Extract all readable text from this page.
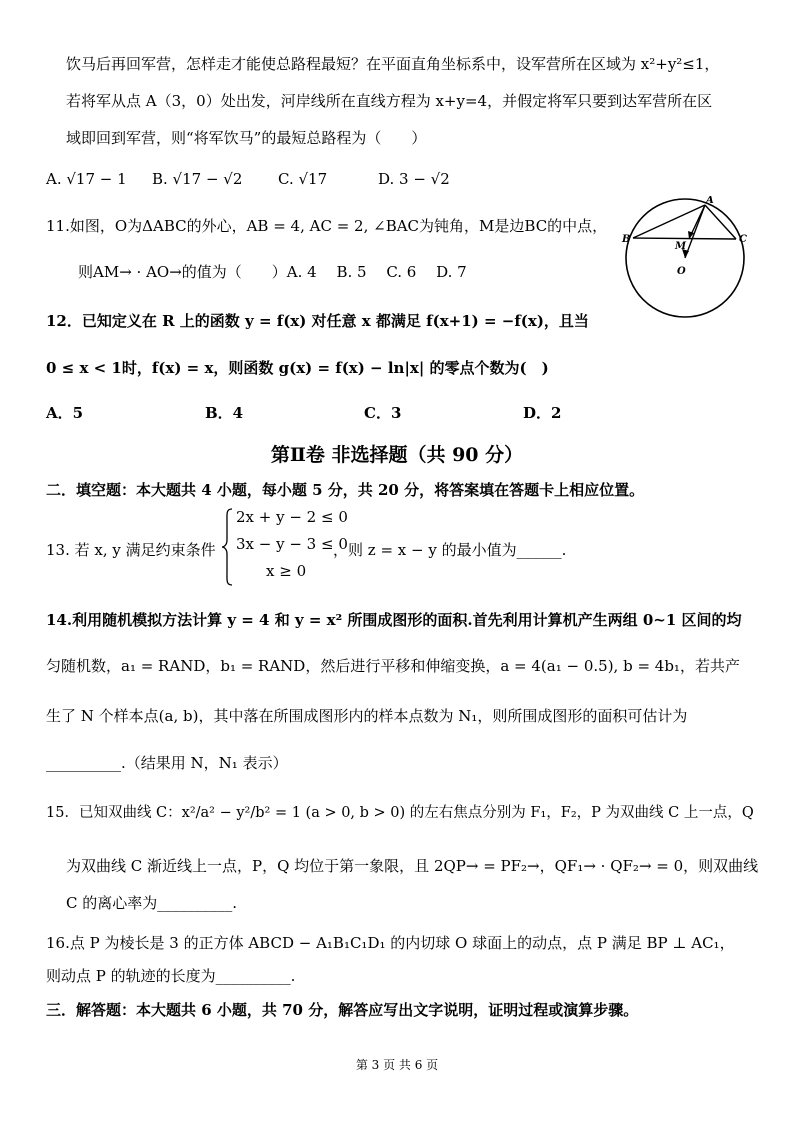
饮马后再回军营，怎样走才能使总路程最短？在平面直角坐标系中，设军营所在区域为 x²+y²≤1，
若将军从点 A（3，0）处出发，河岸线所在直线方程为 x+y=4，并假定将军只要到达军营所在区
域即回到军营，则“将军饮马”的最短总路程为（　　）
A. √17 − 1 B. √17 − √2 C. √17	D. 3 − √2
11.如图，O为ΔABC的外心，AB = 4, AC = 2, ∠BAC为钝角，M是边BC的中点，
则AM→ · AO→的值为（　　）A. 4　 B. 5　 C. 6　 D. 7
A
B	C
M
O
12．已知定义在 R 上的函数 y = f(x) 对任意 x 都满足 f(x+1) = −f(x)，且当
0 ≤ x < 1时，f(x) = x，则函数 g(x) = f(x) − ln|x| 的零点个数为(　)
A．5	B．4	C．3	D．2
第Ⅱ卷 非选择题（共 90 分）
二．填空题：本大题共 4 小题，每小题 5 分，共 20 分，将答案填在答题卡上相应位置。
13. 若 x, y 满足约束条件
2x + y − 2 ≤ 0
3x − y − 3 ≤ 0
x ≥ 0
，则 z = x − y 的最小值为______.
14.利用随机模拟方法计算 y = 4 和 y = x² 所围成图形的面积.首先利用计算机产生两组 0~1 区间的均
匀随机数，a₁ = RAND，b₁ = RAND，然后进行平移和伸缩变换，a = 4(a₁ − 0.5), b = 4b₁，若共产
生了 N 个样本点(a, b)，其中落在所围成图形内的样本点数为 N₁，则所围成图形的面积可估计为
__________.（结果用 N，N₁ 表示）
15．已知双曲线 C：x²/a² − y²/b² = 1 (a > 0, b > 0) 的左右焦点分别为 F₁，F₂，P 为双曲线 C 上一点，Q
为双曲线 C 渐近线上一点，P，Q 均位于第一象限，且 2QP→ = PF₂→，QF₁→ · QF₂→ = 0，则双曲线
C 的离心率为__________.
16.点 P 为棱长是 3 的正方体 ABCD − A₁B₁C₁D₁ 的内切球 O 球面上的动点，点 P 满足 BP ⊥ AC₁，
则动点 P 的轨迹的长度为__________.
三．解答题：本大题共 6 小题，共 70 分，解答应写出文字说明，证明过程或演算步骤。
第 3 页 共 6 页
